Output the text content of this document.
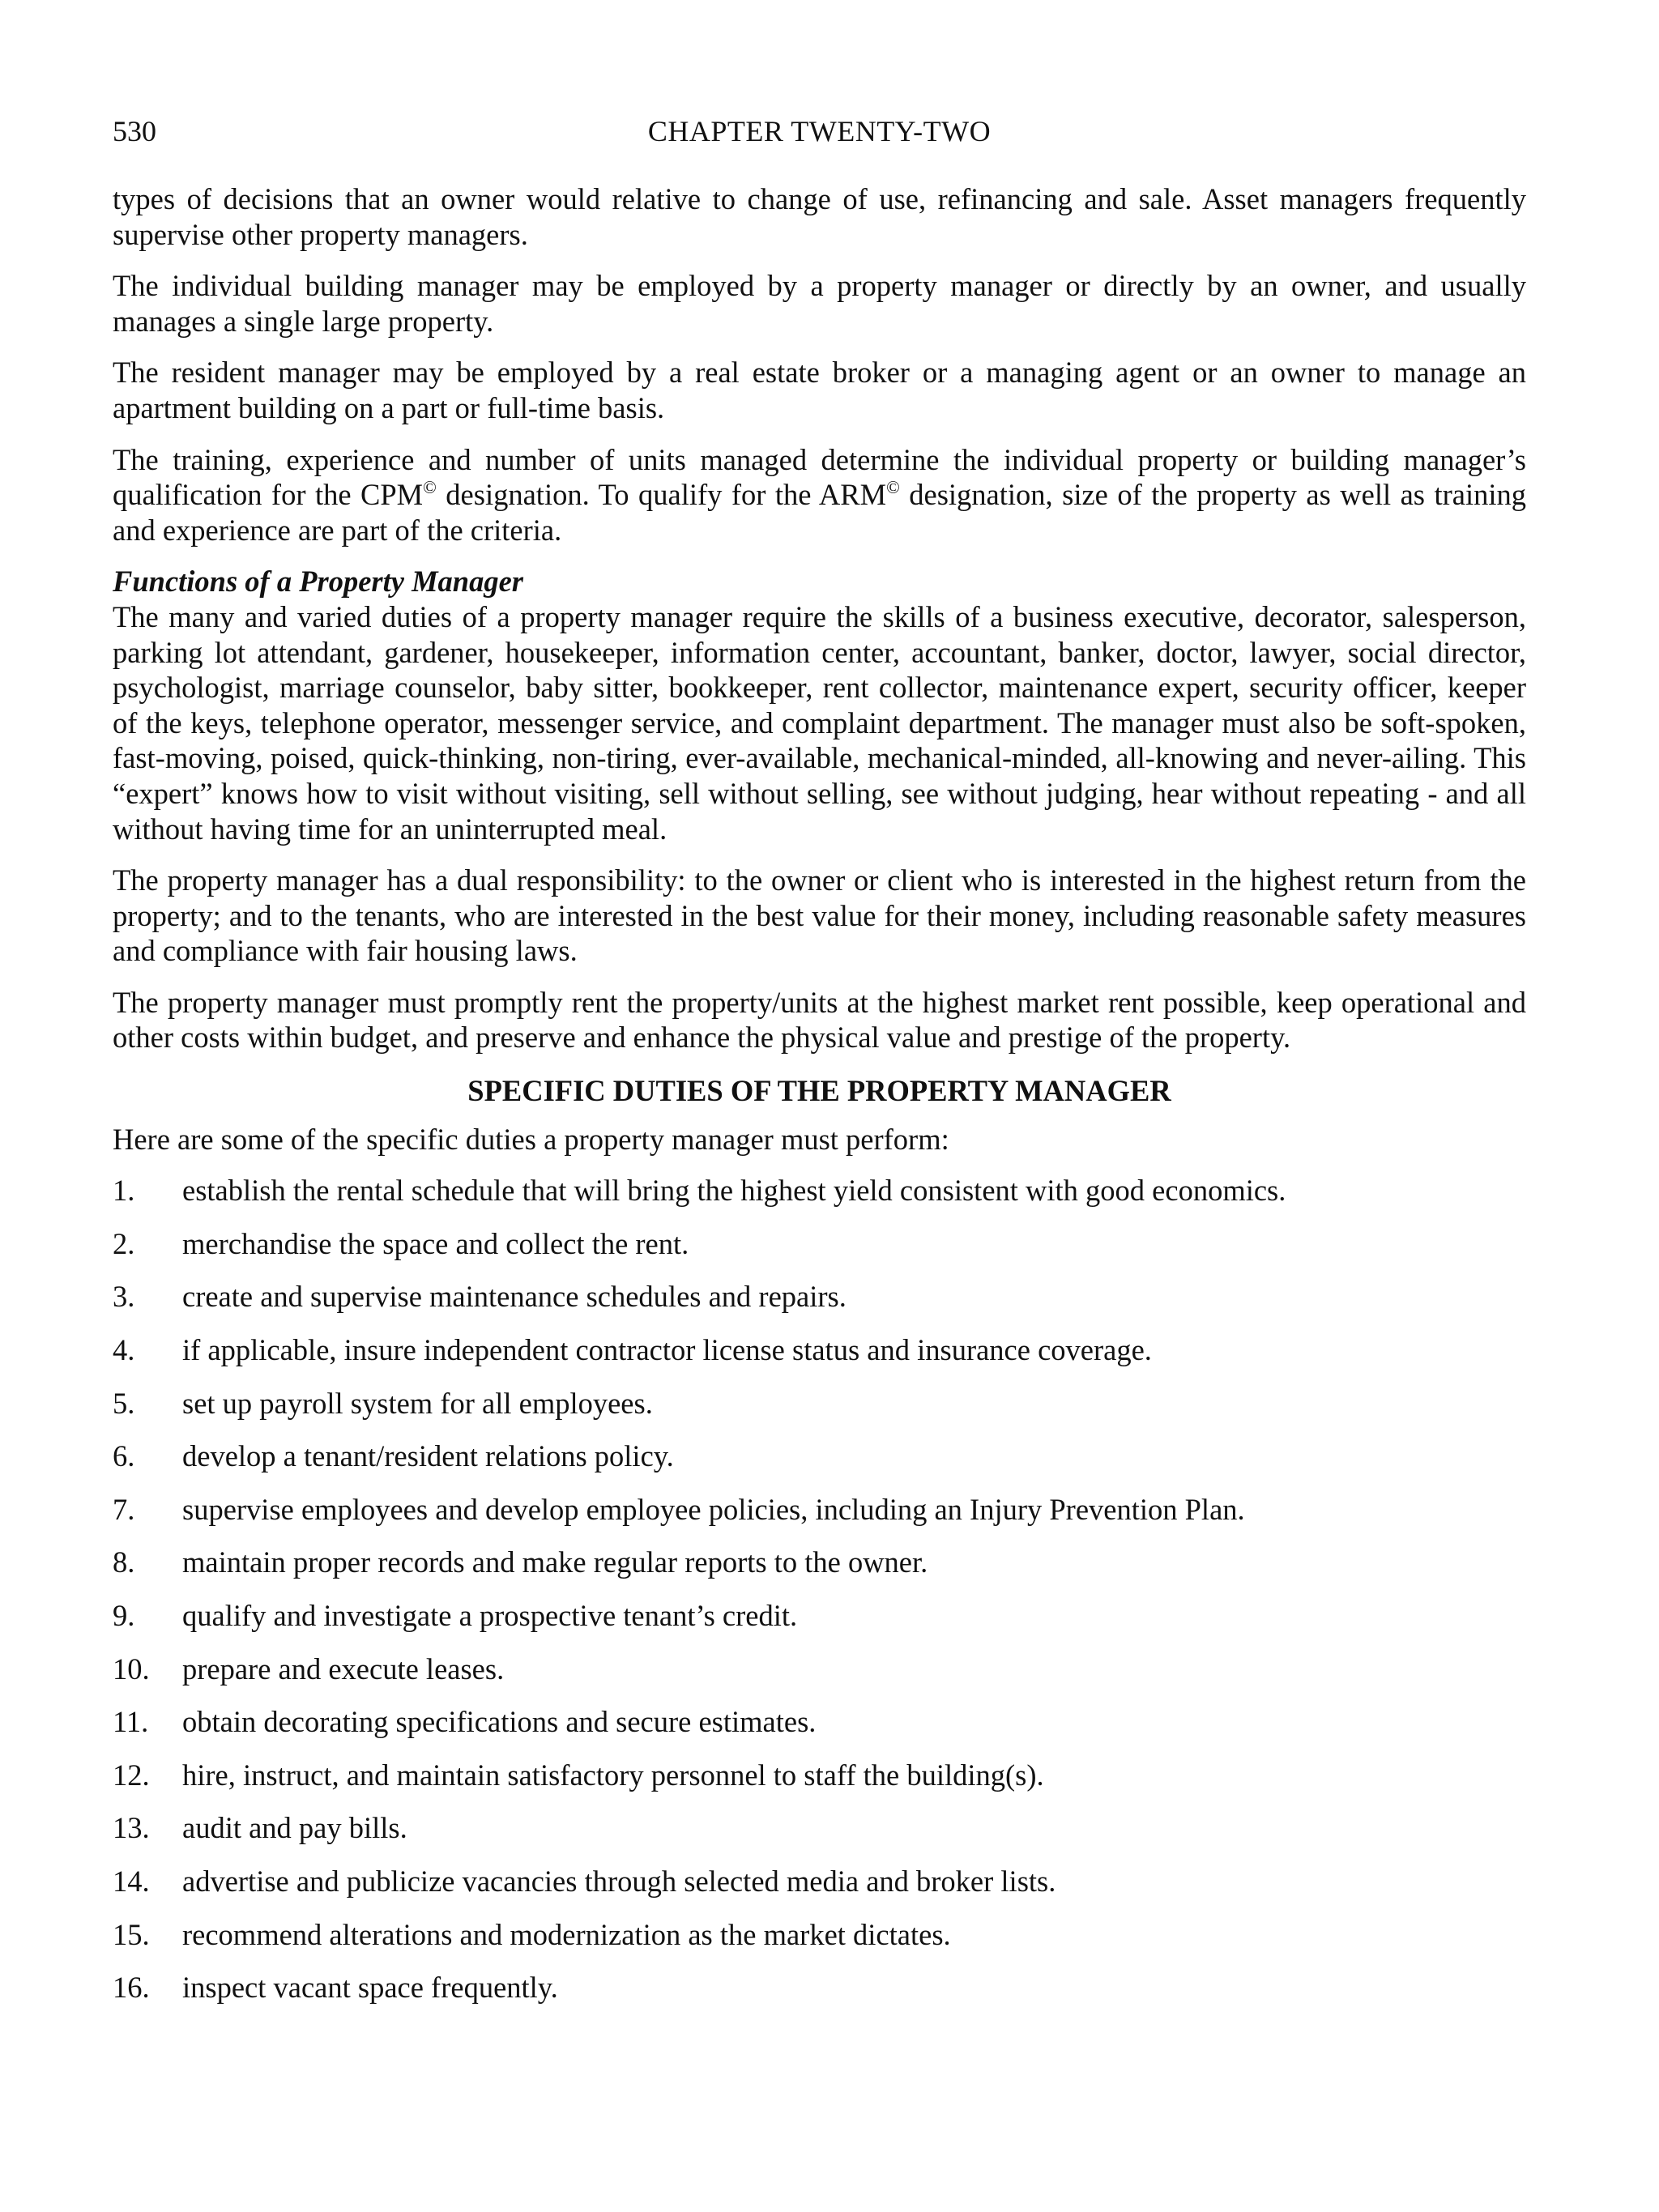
530	CHAPTER TWENTY-TWO

types of decisions that an owner would relative to change of use, refinancing and sale. Asset managers frequently supervise other property managers.

The individual building manager may be employed by a property manager or directly by an owner, and usually manages a single large property.

The resident manager may be employed by a real estate broker or a managing agent or an owner to manage an apartment building on a part or full-time basis.

The training, experience and number of units managed determine the individual property or building manager’s qualification for the CPM© designation. To qualify for the ARM© designation, size of the property as well as training and experience are part of the criteria.

Functions of a Property Manager

The many and varied duties of a property manager require the skills of a business executive, decorator, salesperson, parking lot attendant, gardener, housekeeper, information center, accountant, banker, doctor, lawyer, social director, psychologist, marriage counselor, baby sitter, bookkeeper, rent collector, maintenance expert, security officer, keeper of the keys, telephone operator, messenger service, and complaint department. The manager must also be soft-spoken, fast-moving, poised, quick-thinking, non-tiring, ever-available, mechanical-minded, all-knowing and never-ailing. This “expert” knows how to visit without visiting, sell without selling, see without judging, hear without repeating - and all without having time for an uninterrupted meal.

The property manager has a dual responsibility: to the owner or client who is interested in the highest return from the property; and to the tenants, who are interested in the best value for their money, including reasonable safety measures and compliance with fair housing laws.

The property manager must promptly rent the property/units at the highest market rent possible, keep operational and other costs within budget, and preserve and enhance the physical value and prestige of the property.

SPECIFIC DUTIES OF THE PROPERTY MANAGER

Here are some of the specific duties a property manager must perform:

1.	establish the rental schedule that will bring the highest yield consistent with good economics.
2.	merchandise the space and collect the rent.
3.	create and supervise maintenance schedules and repairs.
4.	if applicable, insure independent contractor license status and insurance coverage.
5.	set up payroll system for all employees.
6.	develop a tenant/resident relations policy.
7.	supervise employees and develop employee policies, including an Injury Prevention Plan.
8.	maintain proper records and make regular reports to the owner.
9.	qualify and investigate a prospective tenant’s credit.
10.	prepare and execute leases.
11.	obtain decorating specifications and secure estimates.
12.	hire, instruct, and maintain satisfactory personnel to staff the building(s).
13.	audit and pay bills.
14.	advertise and publicize vacancies through selected media and broker lists.
15.	recommend alterations and modernization as the market dictates.
16.	inspect vacant space frequently.
